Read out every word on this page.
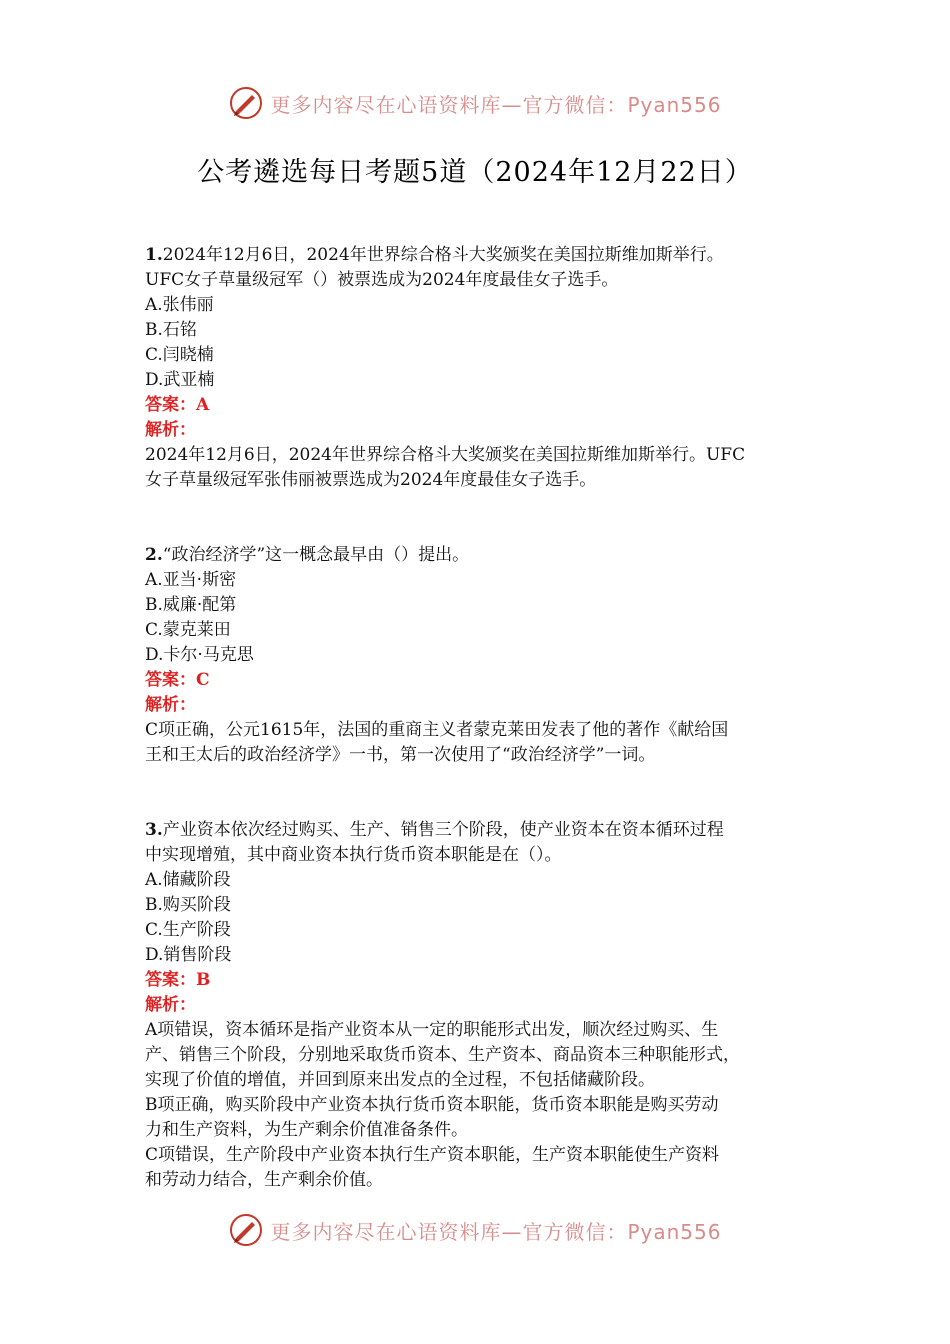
更多内容尽在心语资料库—官方微信：Pyan556
公考遴选每日考题5道（2024年12月22日）

1.2024年12月6日，2024年世界综合格斗大奖颁奖在美国拉斯维加斯举行。

UFC女子草量级冠军（）被票选成为2024年度最佳女子选手。

A.张伟丽

B.石铭

C.闫晓楠

D.武亚楠

答案：A

解析：

2024年12月6日，2024年世界综合格斗大奖颁奖在美国拉斯维加斯举行。UFC

女子草量级冠军张伟丽被票选成为2024年度最佳女子选手。

2.“政治经济学”这一概念最早由（）提出。

A.亚当·斯密

B.威廉·配第

C.蒙克莱田

D.卡尔·马克思

答案：C

解析：

C项正确，公元1615年，法国的重商主义者蒙克莱田发表了他的著作《献给国

王和王太后的政治经济学》一书，第一次使用了“政治经济学”一词。

3.产业资本依次经过购买、生产、销售三个阶段，使产业资本在资本循环过程

中实现增殖，其中商业资本执行货币资本职能是在（）。

A.储藏阶段

B.购买阶段

C.生产阶段

D.销售阶段

答案：B

解析：

A项错误，资本循环是指产业资本从一定的职能形式出发，顺次经过购买、生

产、销售三个阶段，分别地采取货币资本、生产资本、商品资本三种职能形式，

实现了价值的增值，并回到原来出发点的全过程，不包括储藏阶段。

B项正确，购买阶段中产业资本执行货币资本职能，货币资本职能是购买劳动

力和生产资料，为生产剩余价值准备条件。

C项错误，生产阶段中产业资本执行生产资本职能，生产资本职能使生产资料

和劳动力结合，生产剩余价值。

更多内容尽在心语资料库—官方微信：Pyan556
